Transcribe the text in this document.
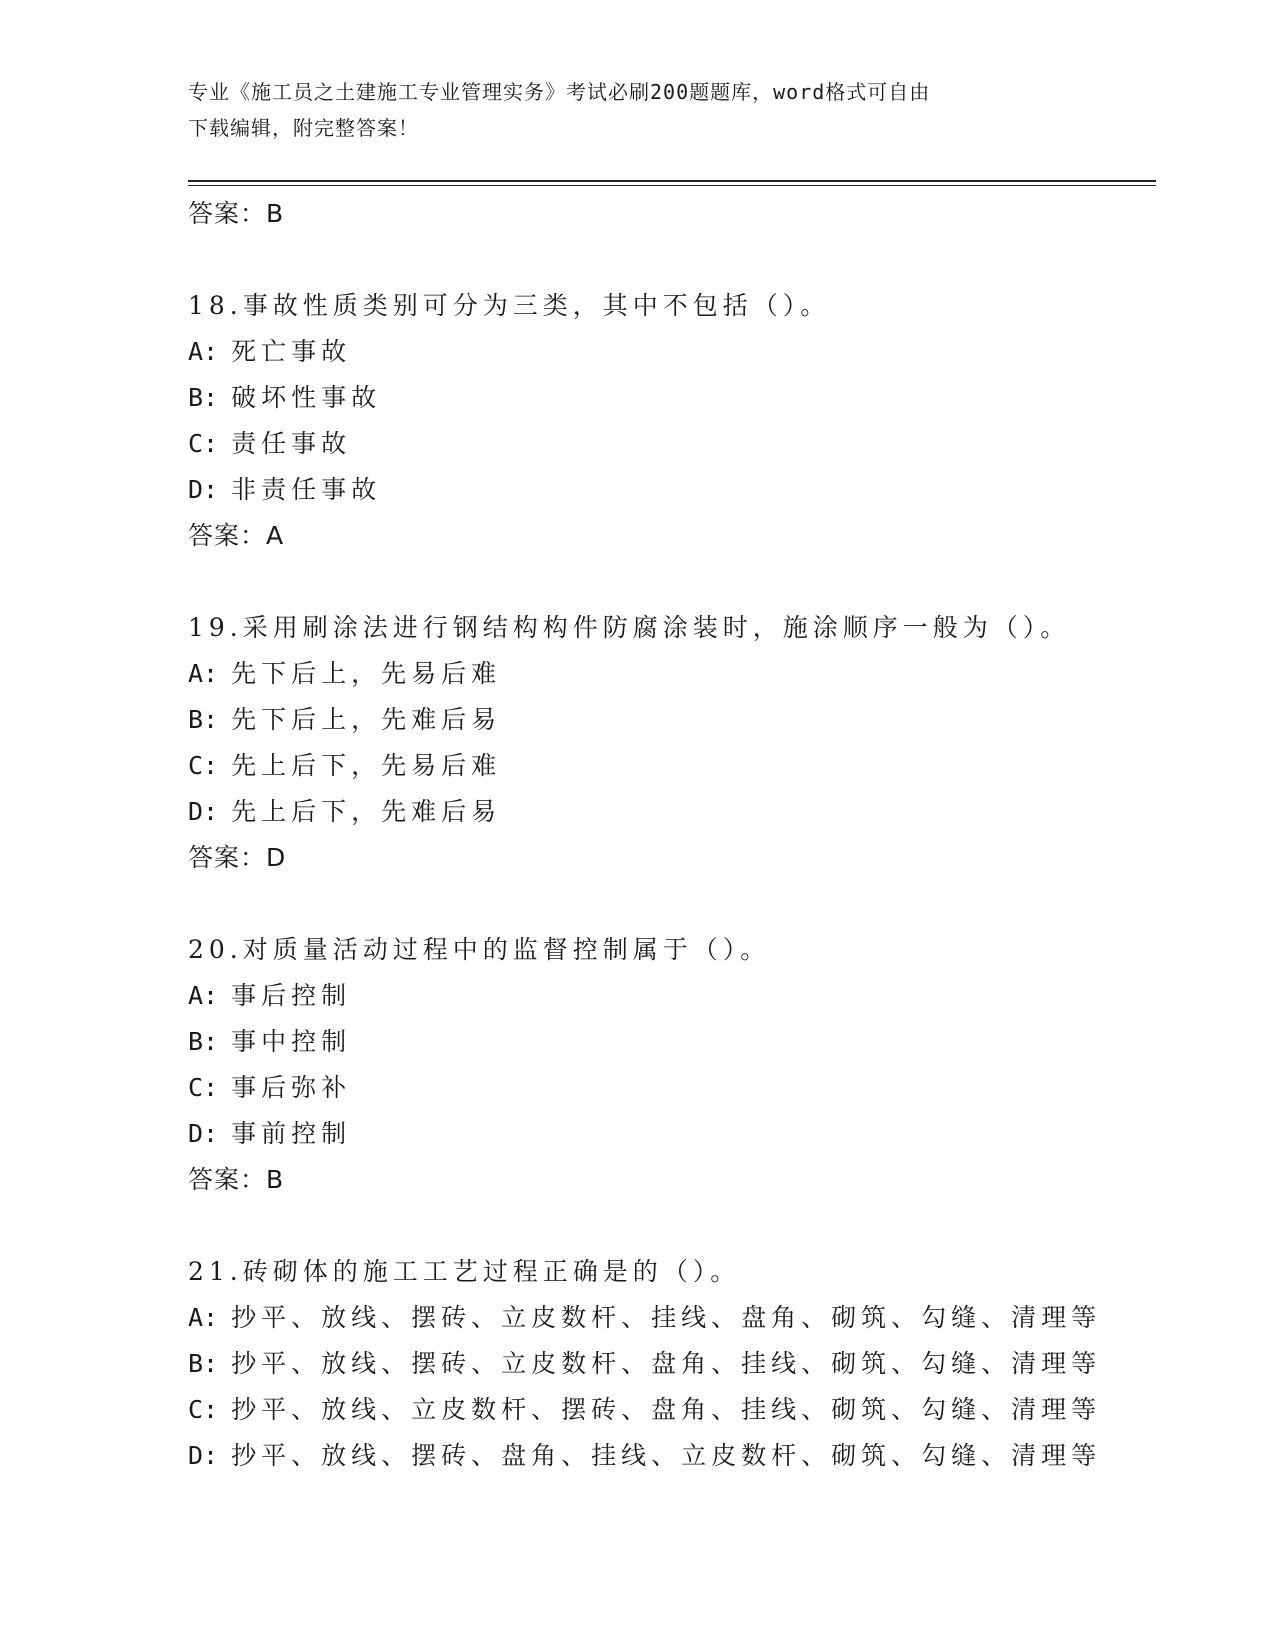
专业《施工员之土建施工专业管理实务》考试必刷200题题库，word格式可自由
下载编辑，附完整答案！
答案：B
18.事故性质类别可分为三类，其中不包括（）。
A: 死亡事故
B: 破坏性事故
C: 责任事故
D: 非责任事故
答案：A
19.采用刷涂法进行钢结构构件防腐涂装时，施涂顺序一般为（）。
A: 先下后上，先易后难
B: 先下后上，先难后易
C: 先上后下，先易后难
D: 先上后下，先难后易
答案：D
20.对质量活动过程中的监督控制属于（）。
A: 事后控制
B: 事中控制
C: 事后弥补
D: 事前控制
答案：B
21.砖砌体的施工工艺过程正确是的（）。
A: 抄平、放线、摆砖、立皮数杆、挂线、盘角、砌筑、勾缝、清理等
B: 抄平、放线、摆砖、立皮数杆、盘角、挂线、砌筑、勾缝、清理等
C: 抄平、放线、立皮数杆、摆砖、盘角、挂线、砌筑、勾缝、清理等
D: 抄平、放线、摆砖、盘角、挂线、立皮数杆、砌筑、勾缝、清理等
